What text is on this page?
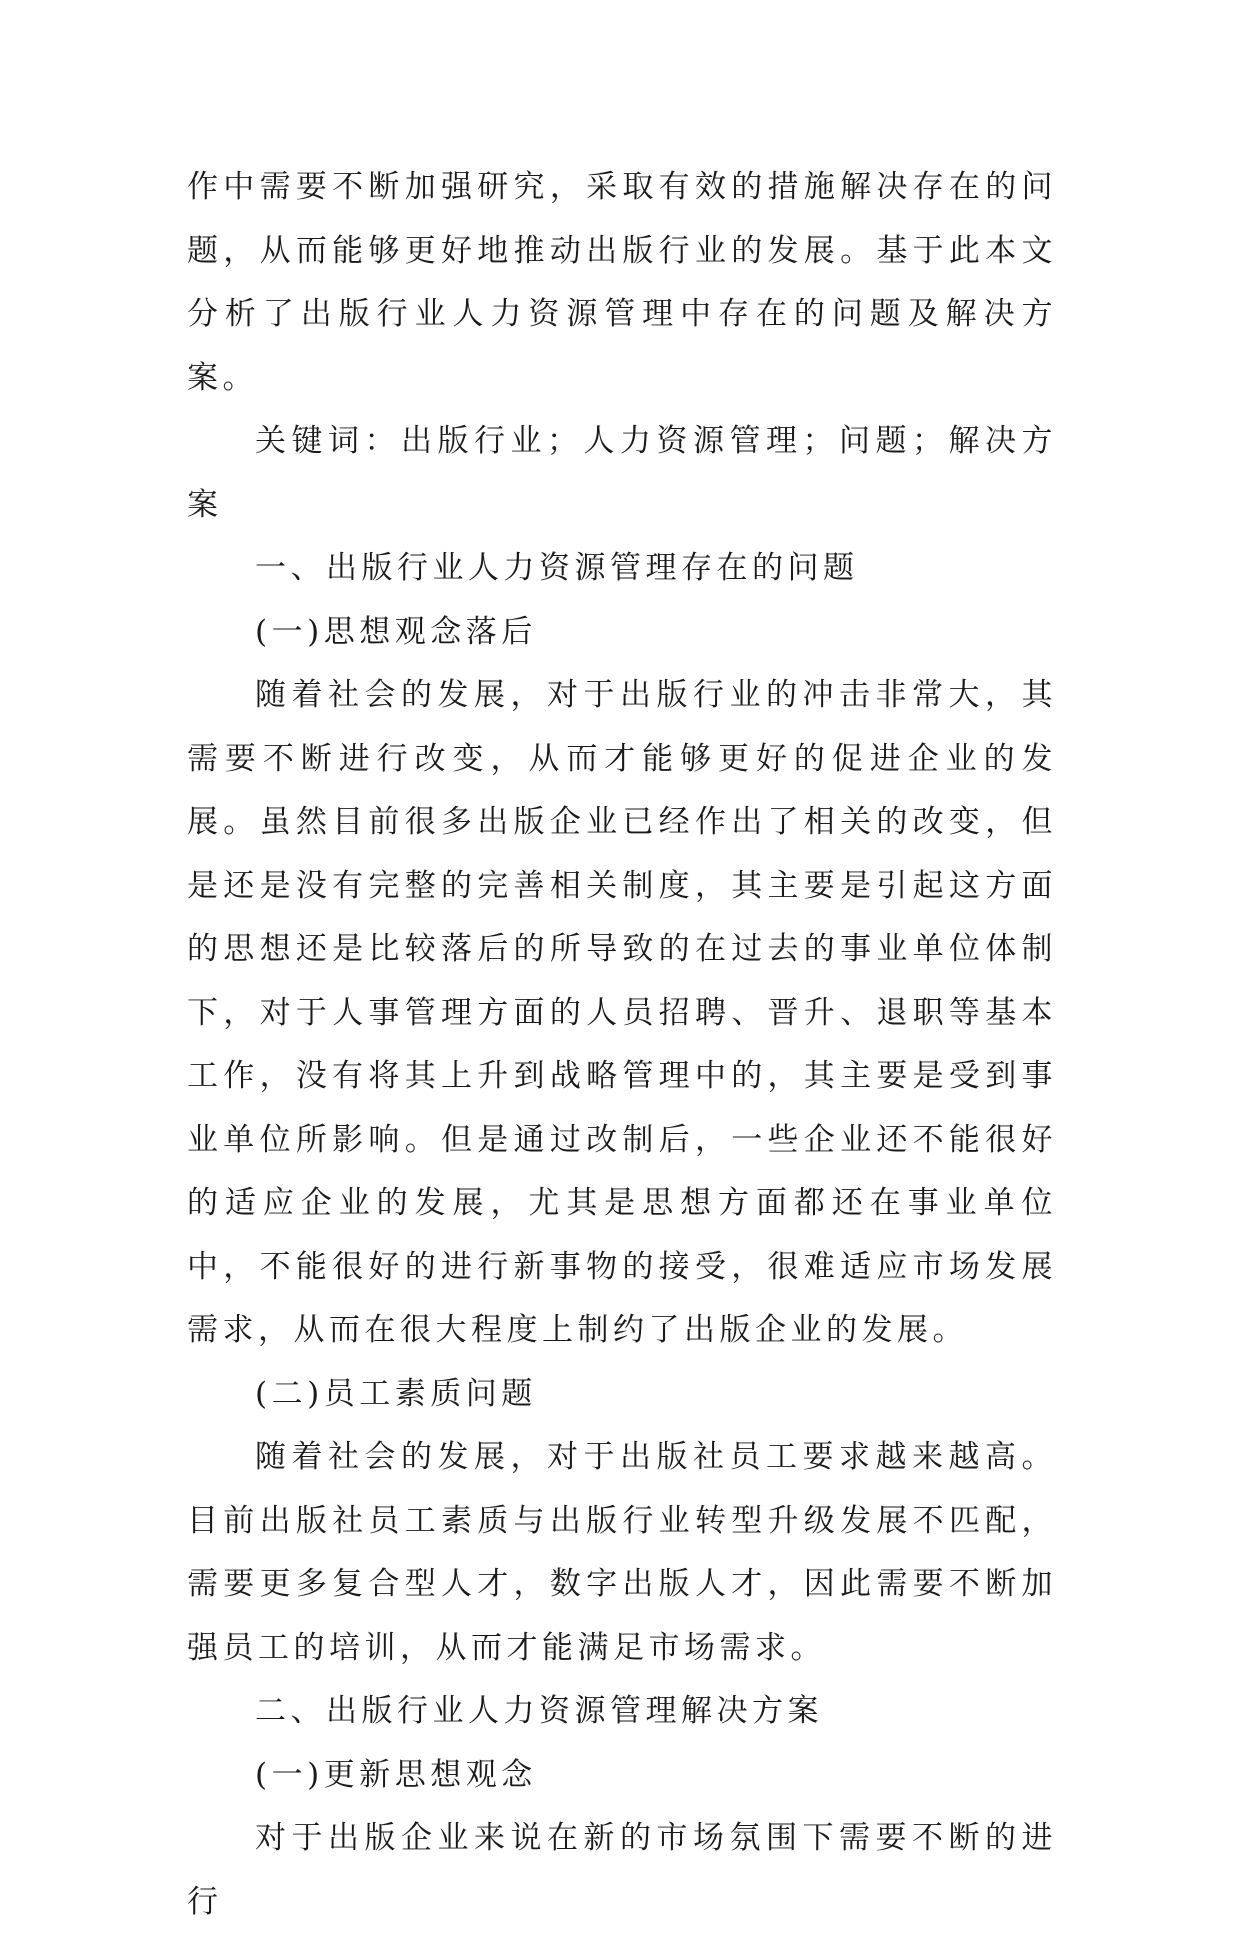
作中需要不断加强研究，采取有效的措施解决存在的问题，从而能够更好地推动出版行业的发展。基于此本文分析了出版行业人力资源管理中存在的问题及解决方案。

关键词：出版行业；人力资源管理；问题；解决方案

一、出版行业人力资源管理存在的问题

(一)思想观念落后

随着社会的发展，对于出版行业的冲击非常大，其需要不断进行改变，从而才能够更好的促进企业的发展。虽然目前很多出版企业已经作出了相关的改变，但是还是没有完整的完善相关制度，其主要是引起这方面的思想还是比较落后的所导致的在过去的事业单位体制下，对于人事管理方面的人员招聘、晋升、退职等基本工作，没有将其上升到战略管理中的，其主要是受到事业单位所影响。但是通过改制后，一些企业还不能很好的适应企业的发展，尤其是思想方面都还在事业单位中，不能很好的进行新事物的接受，很难适应市场发展需求，从而在很大程度上制约了出版企业的发展。

(二)员工素质问题

随着社会的发展，对于出版社员工要求越来越高。目前出版社员工素质与出版行业转型升级发展不匹配，需要更多复合型人才，数字出版人才，因此需要不断加强员工的培训，从而才能满足市场需求。

二、出版行业人力资源管理解决方案

(一)更新思想观念

对于出版企业来说在新的市场氛围下需要不断的进行
